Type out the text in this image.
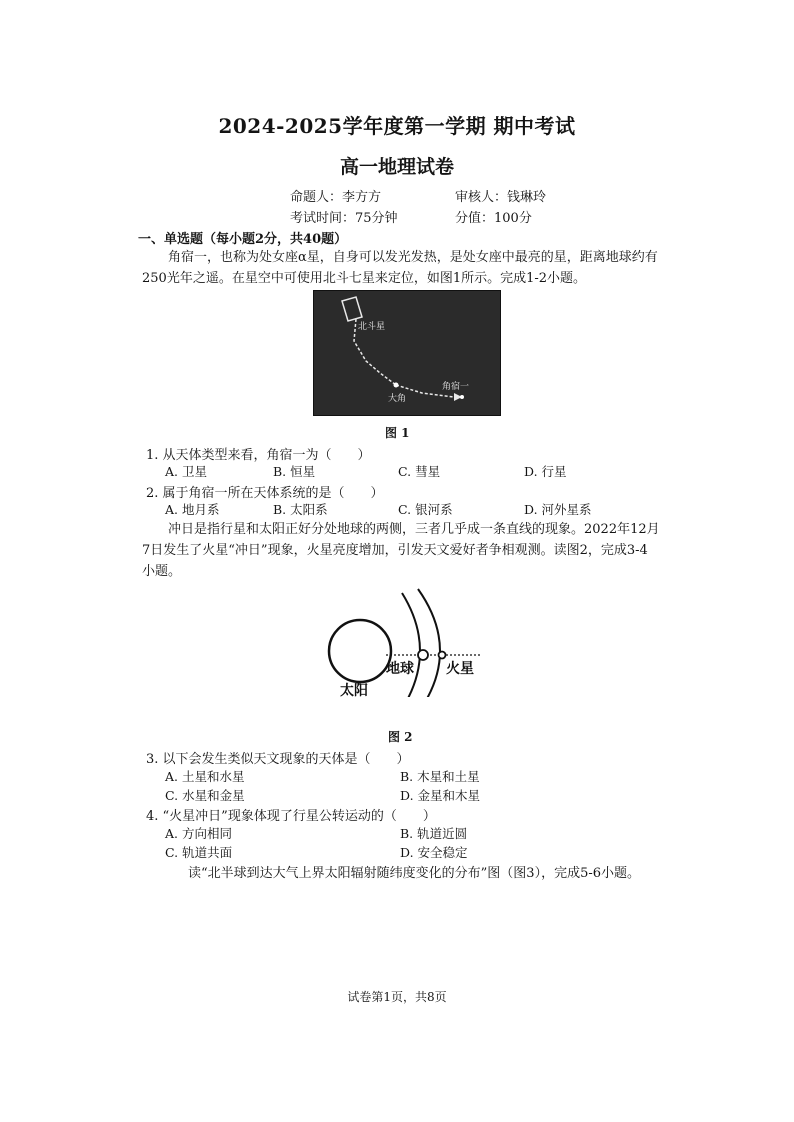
2024-2025学年度第一学期 期中考试
高一地理试卷
命题人：李方方	审核人：钱琳玲
考试时间：75分钟	分值：100分
一、单选题（每小题2分，共40题）
角宿一，也称为处女座α星，自身可以发光发热，是处女座中最亮的星，距离地球约有
250光年之遥。在星空中可使用北斗七星来定位，如图1所示。完成1-2小题。
北斗星
大角
角宿一
图 1
1. 从天体类型来看，角宿一为（　　）
A. 卫星	B. 恒星	C. 彗星	D. 行星
2. 属于角宿一所在天体系统的是（　　）
A. 地月系	B. 太阳系	C. 银河系	D. 河外星系
冲日是指行星和太阳正好分处地球的两侧，三者几乎成一条直线的现象。2022年12月
7日发生了火星“冲日”现象，火星亮度增加，引发天文爱好者争相观测。读图2，完成3-4
小题。
太阳
地球 火星
图 2
3. 以下会发生类似天文现象的天体是（　　）
A. 土星和水星	B. 木星和土星
C. 水星和金星	D. 金星和木星
4. “火星冲日”现象体现了行星公转运动的（　　）
A. 方向相同	B. 轨道近圆
C. 轨道共面	D. 安全稳定
读“北半球到达大气上界太阳辐射随纬度变化的分布”图（图3），完成5-6小题。
试卷第1页，共8页
